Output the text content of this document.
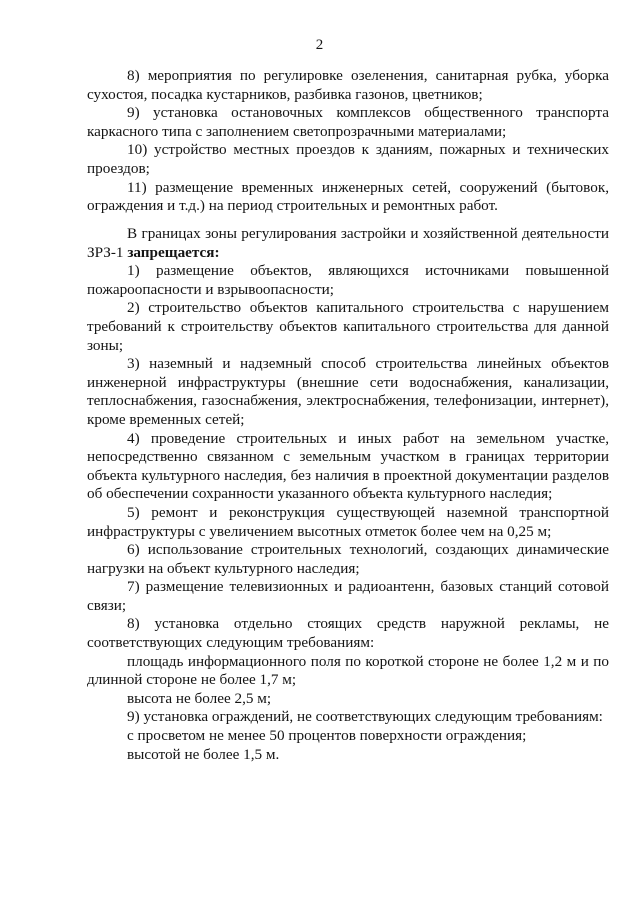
2

8) мероприятия по регулировке озеленения, санитарная рубка, уборка сухостоя, посадка кустарников, разбивка газонов, цветников;

9) установка остановочных комплексов общественного транспорта каркасного типа с заполнением светопрозрачными материалами;

10) устройство местных проездов к зданиям, пожарных и технических проездов;

11) размещение временных инженерных сетей, сооружений (бытовок, ограждения и т.д.) на период строительных и ремонтных работ.

В границах зоны регулирования застройки и хозяйственной деятельности ЗРЗ-1 запрещается:

1) размещение объектов, являющихся источниками повышенной пожароопасности и взрывоопасности;

2) строительство объектов капитального строительства с нарушением требований к строительству объектов капитального строительства для данной зоны;

3) наземный и надземный способ строительства линейных объектов инженерной инфраструктуры (внешние сети водоснабжения, канализации, теплоснабжения, газоснабжения, электроснабжения, телефонизации, интернет), кроме временных сетей;

4) проведение строительных и иных работ на земельном участке, непосредственно связанном с земельным участком в границах территории объекта культурного наследия, без наличия в проектной документации разделов об обеспечении сохранности указанного объекта культурного наследия;

5) ремонт и реконструкция существующей наземной транспортной инфраструктуры с увеличением высотных отметок более чем на 0,25 м;

6) использование строительных технологий, создающих динамические нагрузки на объект культурного наследия;

7) размещение телевизионных и радиоантенн, базовых станций сотовой связи;

8) установка отдельно стоящих средств наружной рекламы, не соответствующих следующим требованиям:

площадь информационного поля по короткой стороне не более 1,2 м и по длинной стороне не более 1,7 м;

высота не более 2,5 м;

9) установка ограждений, не соответствующих следующим требованиям:

с просветом не менее 50 процентов поверхности ограждения;

высотой не более 1,5 м.
